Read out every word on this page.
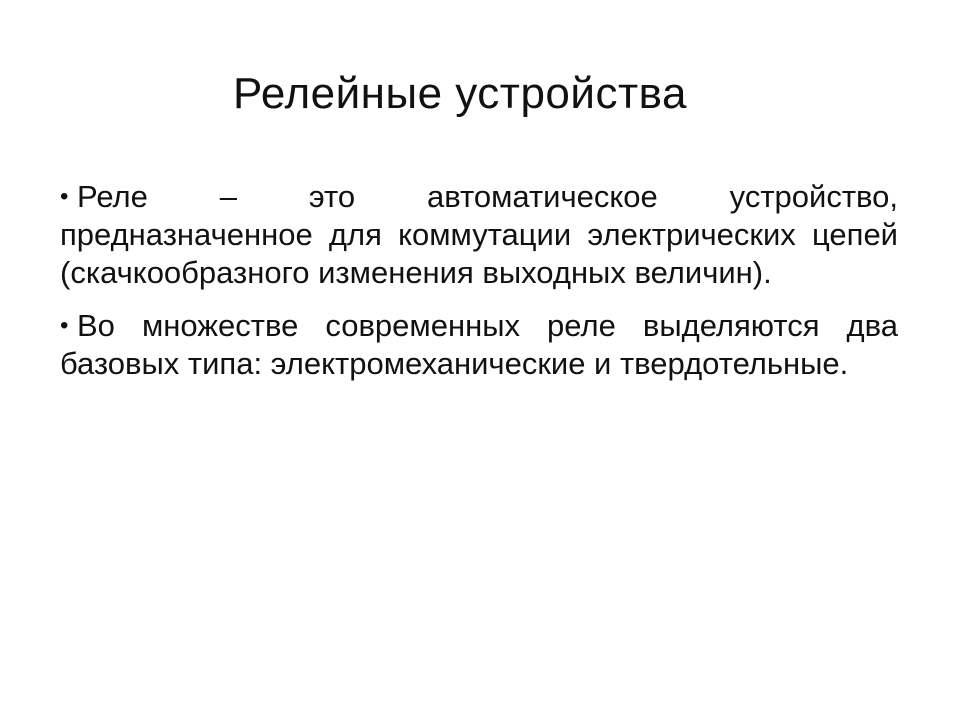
Релейные устройства
• Реле – это автоматическое устройство, предназначенное для коммутации электрических цепей (скачкообразного изменения выходных величин).
• Во множестве современных реле выделяются два базовых типа: электромеханические и твердотельные.
